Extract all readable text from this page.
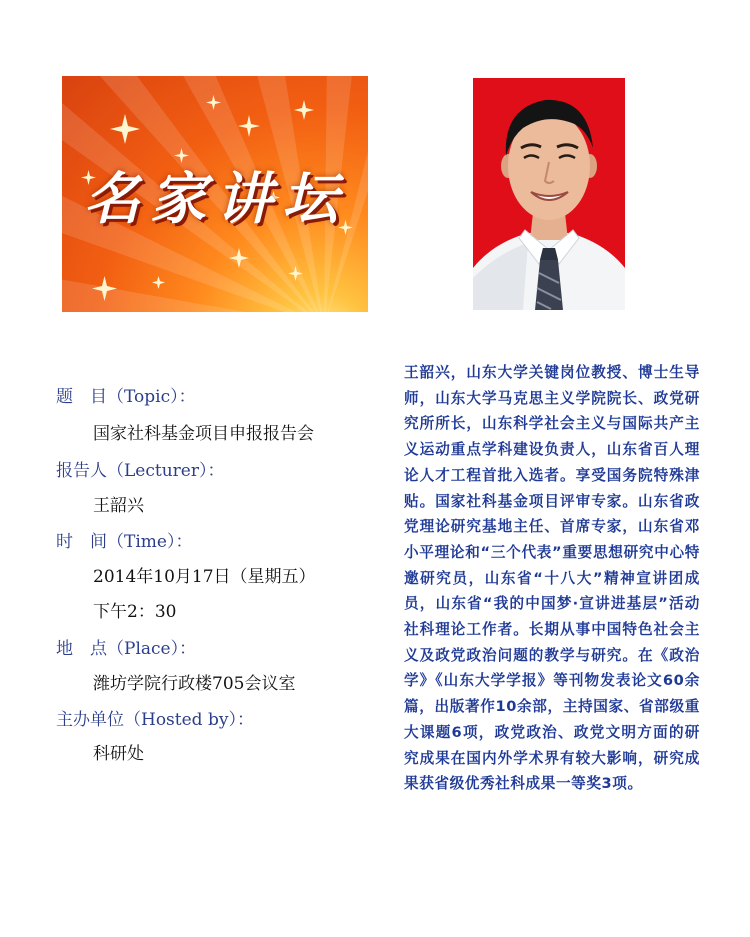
名家讲坛
题　目（Topic）：
国家社科基金项目申报报告会
报告人（Lecturer）：
王韶兴
时　间（Time）：
2014年10月17日（星期五）
下午2：30
地　点（Place）：
潍坊学院行政楼705会议室
主办单位（Hosted by）：
科研处
王韶兴，山东大学关键岗位教授、博士生导师，山东大学马克思主义学院院长、政党研究所所长，山东科学社会主义与国际共产主义运动重点学科建设负责人，山东省百人理论人才工程首批入选者。享受国务院特殊津贴。国家社科基金项目评审专家。山东省政党理论研究基地主任、首席专家，山东省邓小平理论和“三个代表”重要思想研究中心特邀研究员，山东省“十八大”精神宣讲团成员，山东省“我的中国梦·宣讲进基层”活动社科理论工作者。长期从事中国特色社会主义及政党政治问题的教学与研究。在《政治学》《山东大学学报》等刊物发表论文60余篇，出版著作10余部，主持国家、省部级重大课题6项，政党政治、政党文明方面的研究成果在国内外学术界有较大影响，研究成果获省级优秀社科成果一等奖3项。
